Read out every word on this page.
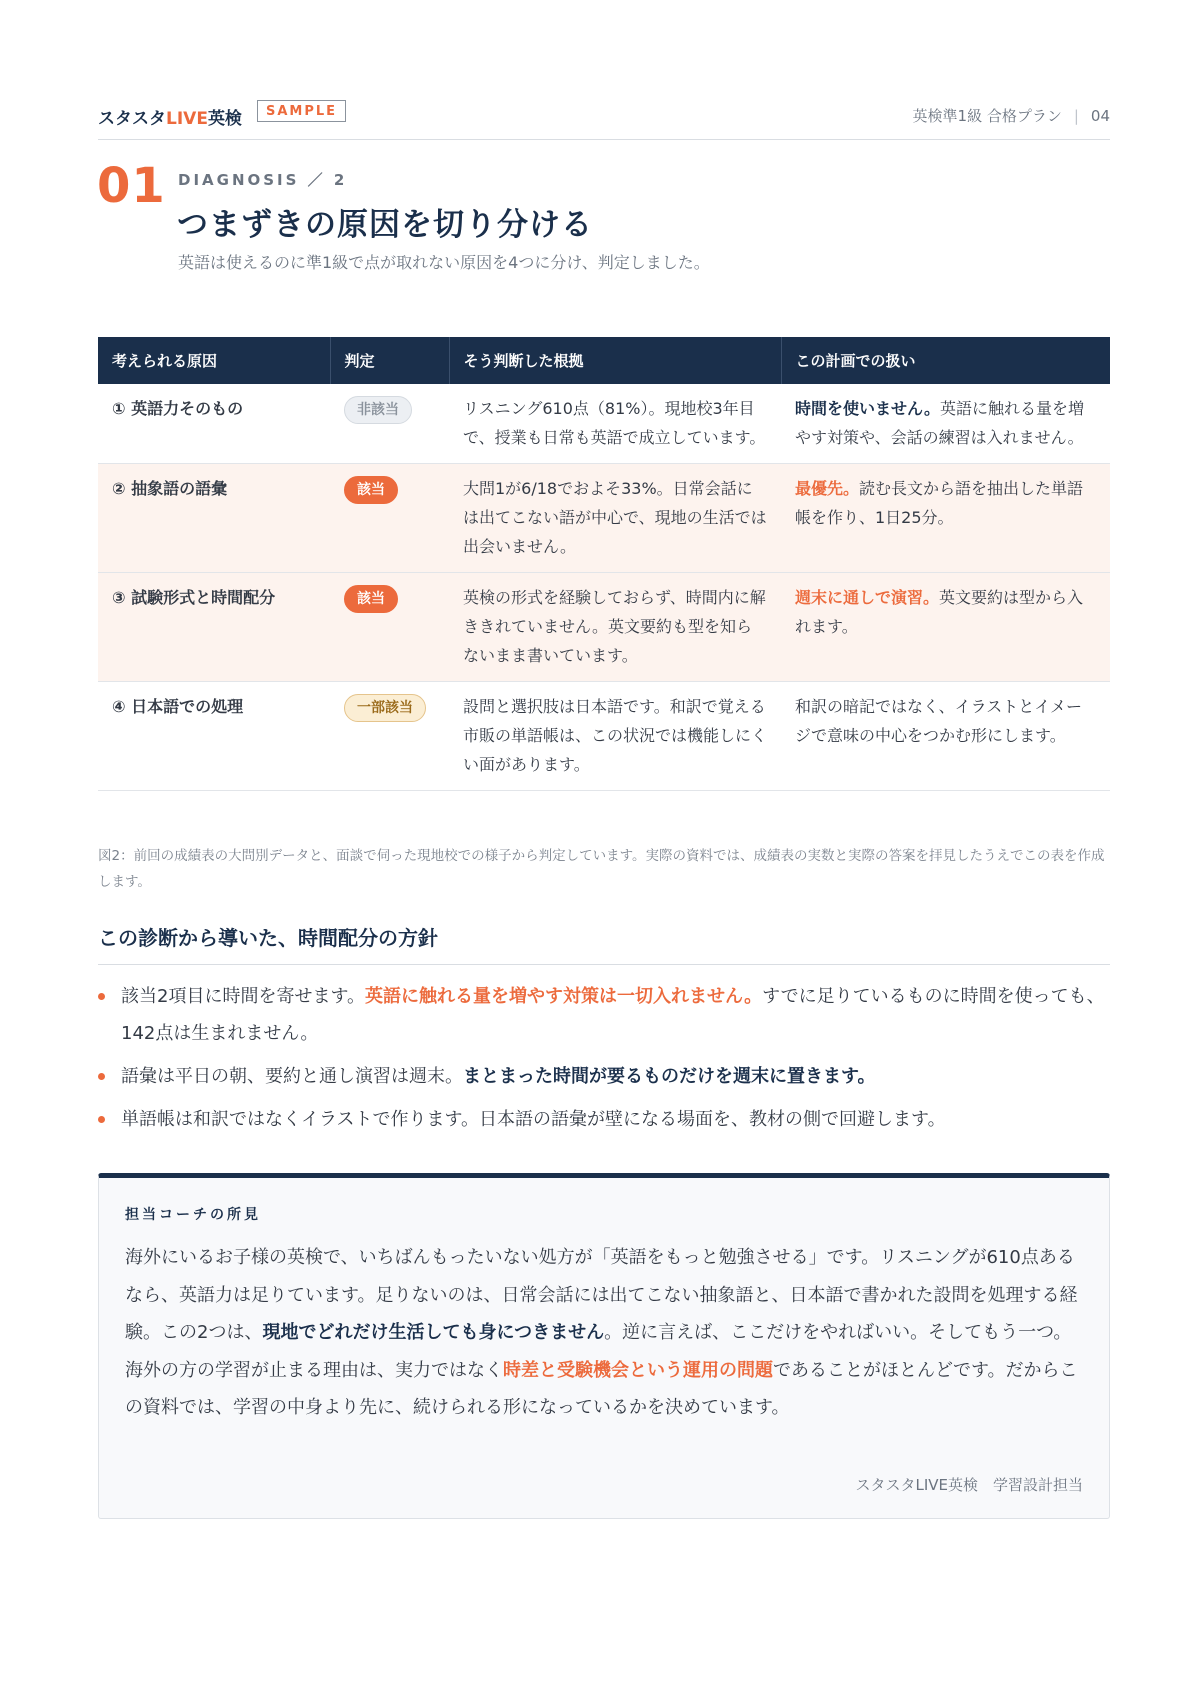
スタスタLIVE英検	SAMPLE	英検準1級 合格プラン | 04
01 DIAGNOSIS ／ 2
つまずきの原因を切り分ける
英語は使えるのに準1級で点が取れない原因を4つに分け、判定しました。
考えられる原因	判定	そう判断した根拠	この計画での扱い
① 英語力そのもの	非該当	リスニング610点（81%）。現地校3年目で、授業も日常も英語で成立しています。	時間を使いません。英語に触れる量を増やす対策や、会話の練習は入れません。
② 抽象語の語彙	該当	大問1が6/18でおよそ33%。日常会話には出てこない語が中心で、現地の生活では出会いません。	最優先。読む長文から語を抽出した単語帳を作り、1日25分。
③ 試験形式と時間配分	該当	英検の形式を経験しておらず、時間内に解ききれていません。英文要約も型を知らないまま書いています。	週末に通しで演習。英文要約は型から入れます。
④ 日本語での処理	一部該当	設問と選択肢は日本語です。和訳で覚える市販の単語帳は、この状況では機能しにくい面があります。	和訳の暗記ではなく、イラストとイメージで意味の中心をつかむ形にします。
図2：前回の成績表の大問別データと、面談で伺った現地校での様子から判定しています。実際の資料では、成績表の実数と実際の答案を拝見したうえでこの表を作成します。
この診断から導いた、時間配分の方針
該当2項目に時間を寄せます。英語に触れる量を増やす対策は一切入れません。すでに足りているものに時間を使っても、142点は生まれません。
語彙は平日の朝、要約と通し演習は週末。まとまった時間が要るものだけを週末に置きます。
単語帳は和訳ではなくイラストで作ります。日本語の語彙が壁になる場面を、教材の側で回避します。
担当コーチの所見
海外にいるお子様の英検で、いちばんもったいない処方が「英語をもっと勉強させる」です。リスニングが610点あるなら、英語力は足りています。足りないのは、日常会話には出てこない抽象語と、日本語で書かれた設問を処理する経験。この2つは、現地でどれだけ生活しても身につきません。逆に言えば、ここだけをやればいい。そしてもう一つ。海外の方の学習が止まる理由は、実力ではなく時差と受験機会という運用の問題であることがほとんどです。だからこの資料では、学習の中身より先に、続けられる形になっているかを決めています。
スタスタLIVE英検　学習設計担当
